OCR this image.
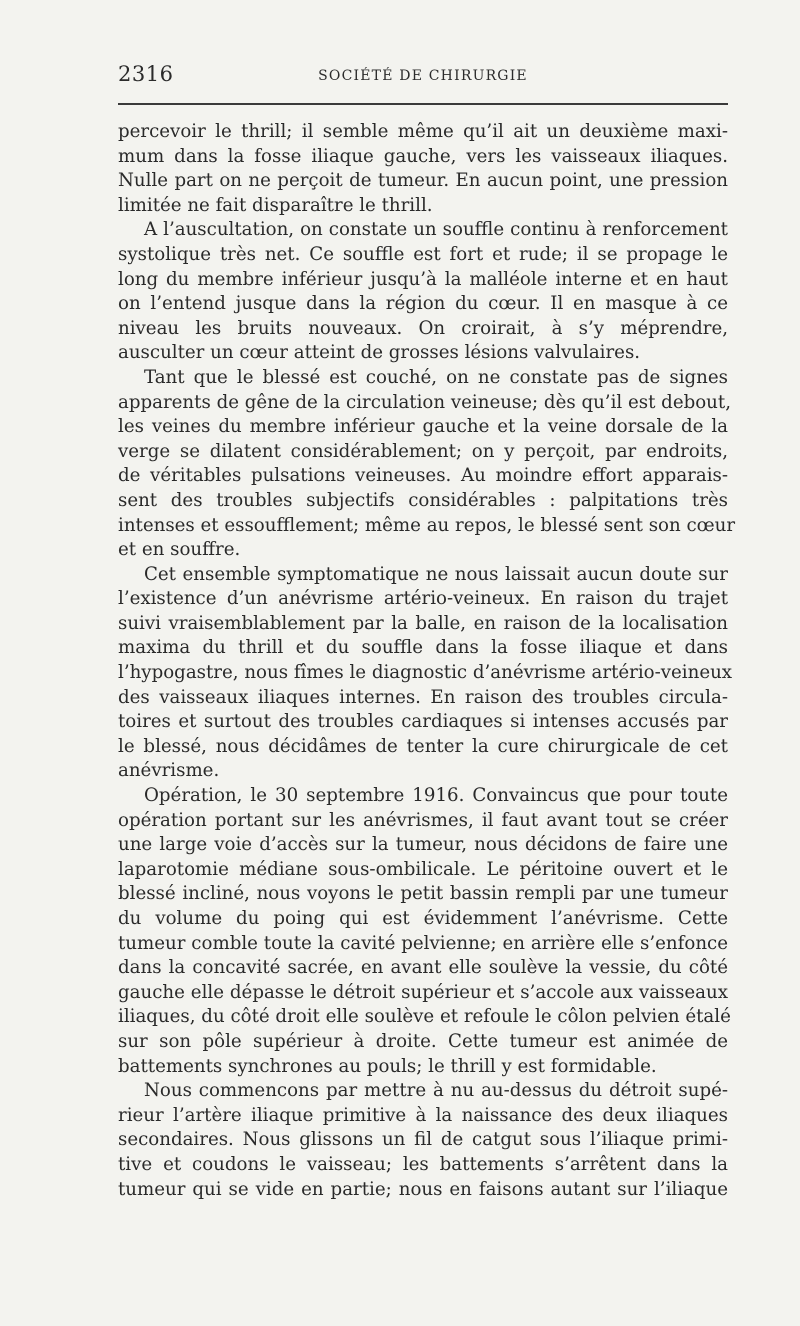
2316	SOCIÉTÉ DE CHIRURGIE
percevoir le thrill; il semble même qu’il ait un deuxième maxi-
mum dans la fosse iliaque gauche, vers les vaisseaux iliaques.
Nulle part on ne perçoit de tumeur. En aucun point, une pression
limitée ne fait disparaître le thrill.
A l’auscultation, on constate un souffle continu à renforcement
systolique très net. Ce souffle est fort et rude; il se propage le
long du membre inférieur jusqu’à la malléole interne et en haut
on l’entend jusque dans la région du cœur. Il en masque à ce
niveau les bruits nouveaux. On croirait, à s’y méprendre,
ausculter un cœur atteint de grosses lésions valvulaires.
Tant que le blessé est couché, on ne constate pas de signes
apparents de gêne de la circulation veineuse; dès qu’il est debout,
les veines du membre inférieur gauche et la veine dorsale de la
verge se dilatent considérablement; on y perçoit, par endroits,
de véritables pulsations veineuses. Au moindre effort apparais-
sent des troubles subjectifs considérables : palpitations très
intenses et essoufflement; même au repos, le blessé sent son cœur
et en souffre.
Cet ensemble symptomatique ne nous laissait aucun doute sur
l’existence d’un anévrisme artério-veineux. En raison du trajet
suivi vraisemblablement par la balle, en raison de la localisation
maxima du thrill et du souffle dans la fosse iliaque et dans
l’hypogastre, nous fîmes le diagnostic d’anévrisme artério-veineux
des vaisseaux iliaques internes. En raison des troubles circula-
toires et surtout des troubles cardiaques si intenses accusés par
le blessé, nous décidâmes de tenter la cure chirurgicale de cet
anévrisme.
Opération, le 30 septembre 1916. Convaincus que pour toute
opération portant sur les anévrismes, il faut avant tout se créer
une large voie d’accès sur la tumeur, nous décidons de faire une
laparotomie médiane sous-ombilicale. Le péritoine ouvert et le
blessé incliné, nous voyons le petit bassin rempli par une tumeur
du volume du poing qui est évidemment l’anévrisme. Cette
tumeur comble toute la cavité pelvienne; en arrière elle s’enfonce
dans la concavité sacrée, en avant elle soulève la vessie, du côté
gauche elle dépasse le détroit supérieur et s’accole aux vaisseaux
iliaques, du côté droit elle soulève et refoule le côlon pelvien étalé
sur son pôle supérieur à droite. Cette tumeur est animée de
battements synchrones au pouls; le thrill y est formidable.
Nous commencons par mettre à nu au-dessus du détroit supé-
rieur l’artère iliaque primitive à la naissance des deux iliaques
secondaires. Nous glissons un fil de catgut sous l’iliaque primi-
tive et coudons le vaisseau; les battements s’arrêtent dans la
tumeur qui se vide en partie; nous en faisons autant sur l’iliaque
